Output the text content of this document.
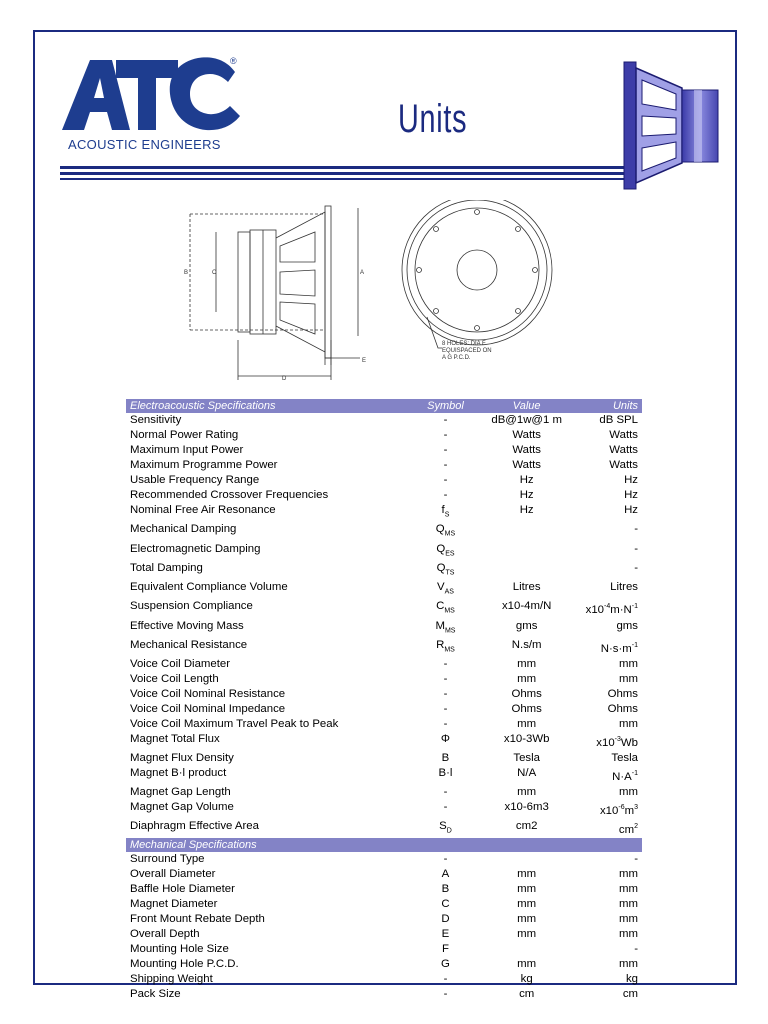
®
ACOUSTIC ENGINEERS
Units
B	C	A
E
D
8 HOLES: DIA F
EQUISPACED ON
A G P.C.D.
Electroacoustic Specifications	Symbol	Value	Units
Sensitivity	-	dB@1w@1 m	dB SPL
Normal Power Rating	-	Watts	Watts
Maximum Input Power	-	Watts	Watts
Maximum Programme Power	-	Watts	Watts
Usable Frequency Range	-	Hz	Hz
Recommended Crossover Frequencies	-	Hz	Hz
Nominal Free Air Resonance	$f_S$	Hz	Hz
Mechanical Damping	$Q_{MS}$		-
Electromagnetic Damping	$Q_{ES}$		-
Total Damping	$Q_{TS}$		-
Equivalent Compliance Volume	$V_{AS}$	Litres	Litres
Suspension Compliance	$C_{MS}$	x10-4m/N	$x10^{-4}m\cdot N^{-1}$
Effective Moving Mass	$M_{MS}$	gms	gms
Mechanical Resistance	$R_{MS}$	N.s/m	$N\cdot s\cdot m^{-1}$
Voice Coil Diameter	-	mm	mm
Voice Coil Length	-	mm	mm
Voice Coil Nominal Resistance	-	Ohms	Ohms
Voice Coil Nominal Impedance	-	Ohms	Ohms
Voice Coil Maximum Travel Peak to Peak	-	mm	mm
Magnet Total Flux	Φ	x10-3Wb	$x10^{-3}Wb$
Magnet Flux Density	B	Tesla	Tesla
Magnet B·l product	B·l	N/A	$N\cdot A^{-1}$
Magnet Gap Length	-	mm	mm
Magnet Gap Volume	-	x10-6m3	$x10^{-6}m^3$
Diaphragm Effective Area	$S_D$	cm2	$cm^2$
Mechanical Specifications			
Surround Type	-		-
Overall Diameter	A	mm	mm
Baffle Hole Diameter	B	mm	mm
Magnet Diameter	C	mm	mm
Front Mount Rebate Depth	D	mm	mm
Overall Depth	E	mm	mm
Mounting Hole Size	F		-
Mounting Hole P.C.D.	G	mm	mm
Shipping Weight	-	kg	kg
Pack Size	-	cm	cm
